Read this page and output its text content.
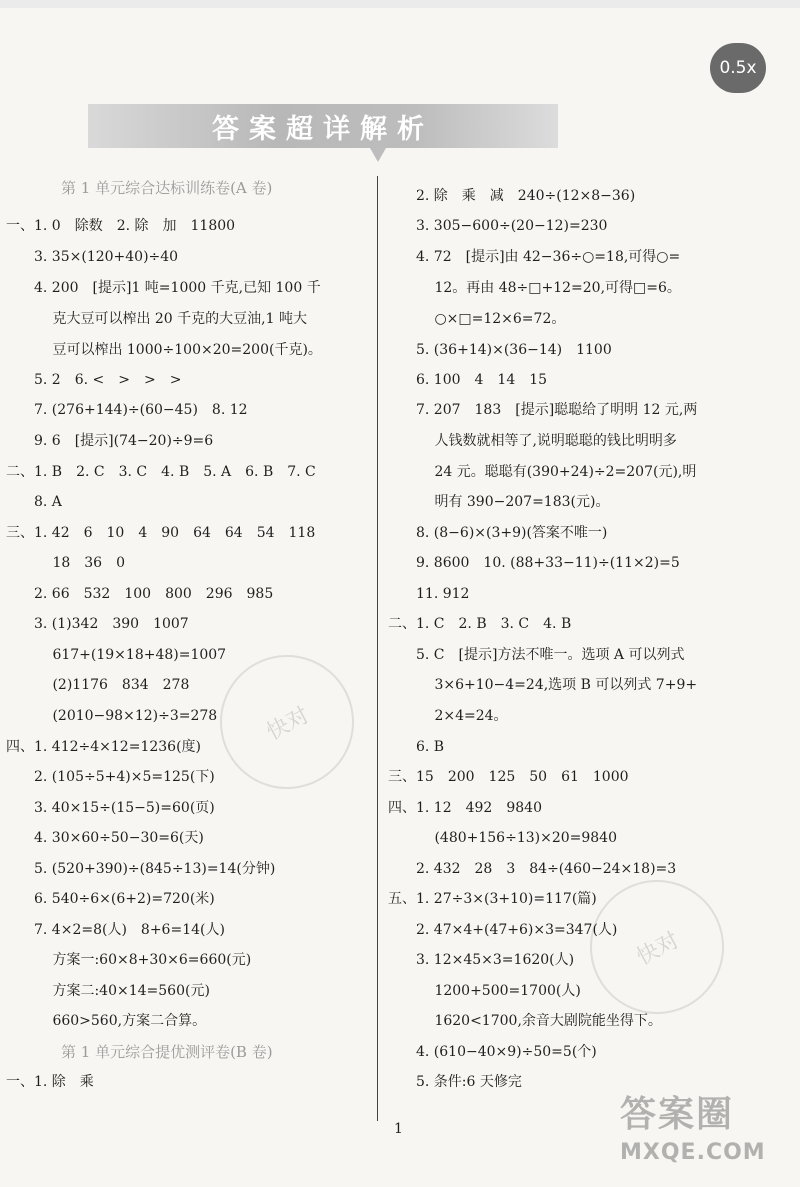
0.5x
答案超详解析
快对
快对
第 1 单元综合达标训练卷(A 卷)
一、1. 0　除数　2. 除　加　11800
　　3. 35×(120+40)÷40
　　4. 200　[提示]1 吨=1000 千克,已知 100 千
　　　 克大豆可以榨出 20 千克的大豆油,1 吨大
　　　 豆可以榨出 1000÷100×20=200(千克)。
　　5. 2　6. <　>　>　>
　　7. (276+144)÷(60−45)　8. 12
　　9. 6　[提示](74−20)÷9=6
二、1. B　2. C　3. C　4. B　5. A　6. B　7. C
　　8. A
三、1. 42　6　10　4　90　64　64　54　118
　　　 18　36　0
　　2. 66　532　100　800　296　985
　　3. (1)342　390　1007
　　　 617+(19×18+48)=1007
　　　 (2)1176　834　278
　　　 (2010−98×12)÷3=278
四、1. 412÷4×12=1236(度)
　　2. (105÷5+4)×5=125(下)
　　3. 40×15÷(15−5)=60(页)
　　4. 30×60÷50−30=6(天)
　　5. (520+390)÷(845÷13)=14(分钟)
　　6. 540÷6×(6+2)=720(米)
　　7. 4×2=8(人)　8+6=14(人)
　　　 方案一:60×8+30×6=660(元)
　　　 方案二:40×14=560(元)
　　　 660>560,方案二合算。
第 1 单元综合提优测评卷(B 卷)
一、1. 除　乘
　　2. 除　乘　减　240÷(12×8−36)
　　3. 305−600÷(20−12)=230
　　4. 72　[提示]由 42−36÷○=18,可得○=
　　　 12。再由 48÷□+12=20,可得□=6。
　　　 ○×□=12×6=72。
　　5. (36+14)×(36−14)　1100
　　6. 100　4　14　15
　　7. 207　183　[提示]聪聪给了明明 12 元,两
　　　 人钱数就相等了,说明聪聪的钱比明明多
　　　 24 元。聪聪有(390+24)÷2=207(元),明
　　　 明有 390−207=183(元)。
　　8. (8−6)×(3+9)(答案不唯一)
　　9. 8600　10. (88+33−11)÷(11×2)=5
　　11. 912
二、1. C　2. B　3. C　4. B
　　5. C　[提示]方法不唯一。选项 A 可以列式
　　　 3×6+10−4=24,选项 B 可以列式 7+9+
　　　 2×4=24。
　　6. B
三、15　200　125　50　61　1000
四、1. 12　492　9840
　　　 (480+156÷13)×20=9840
　　2. 432　28　3　84÷(460−24×18)=3
五、1. 27÷3×(3+10)=117(篇)
　　2. 47×4+(47+6)×3=347(人)
　　3. 12×45×3=1620(人)
　　　 1200+500=1700(人)
　　　 1620<1700,余音大剧院能坐得下。
　　4. (610−40×9)÷50=5(个)
　　5. 条件:6 天修完
1	答案圈
MXQE.COM
